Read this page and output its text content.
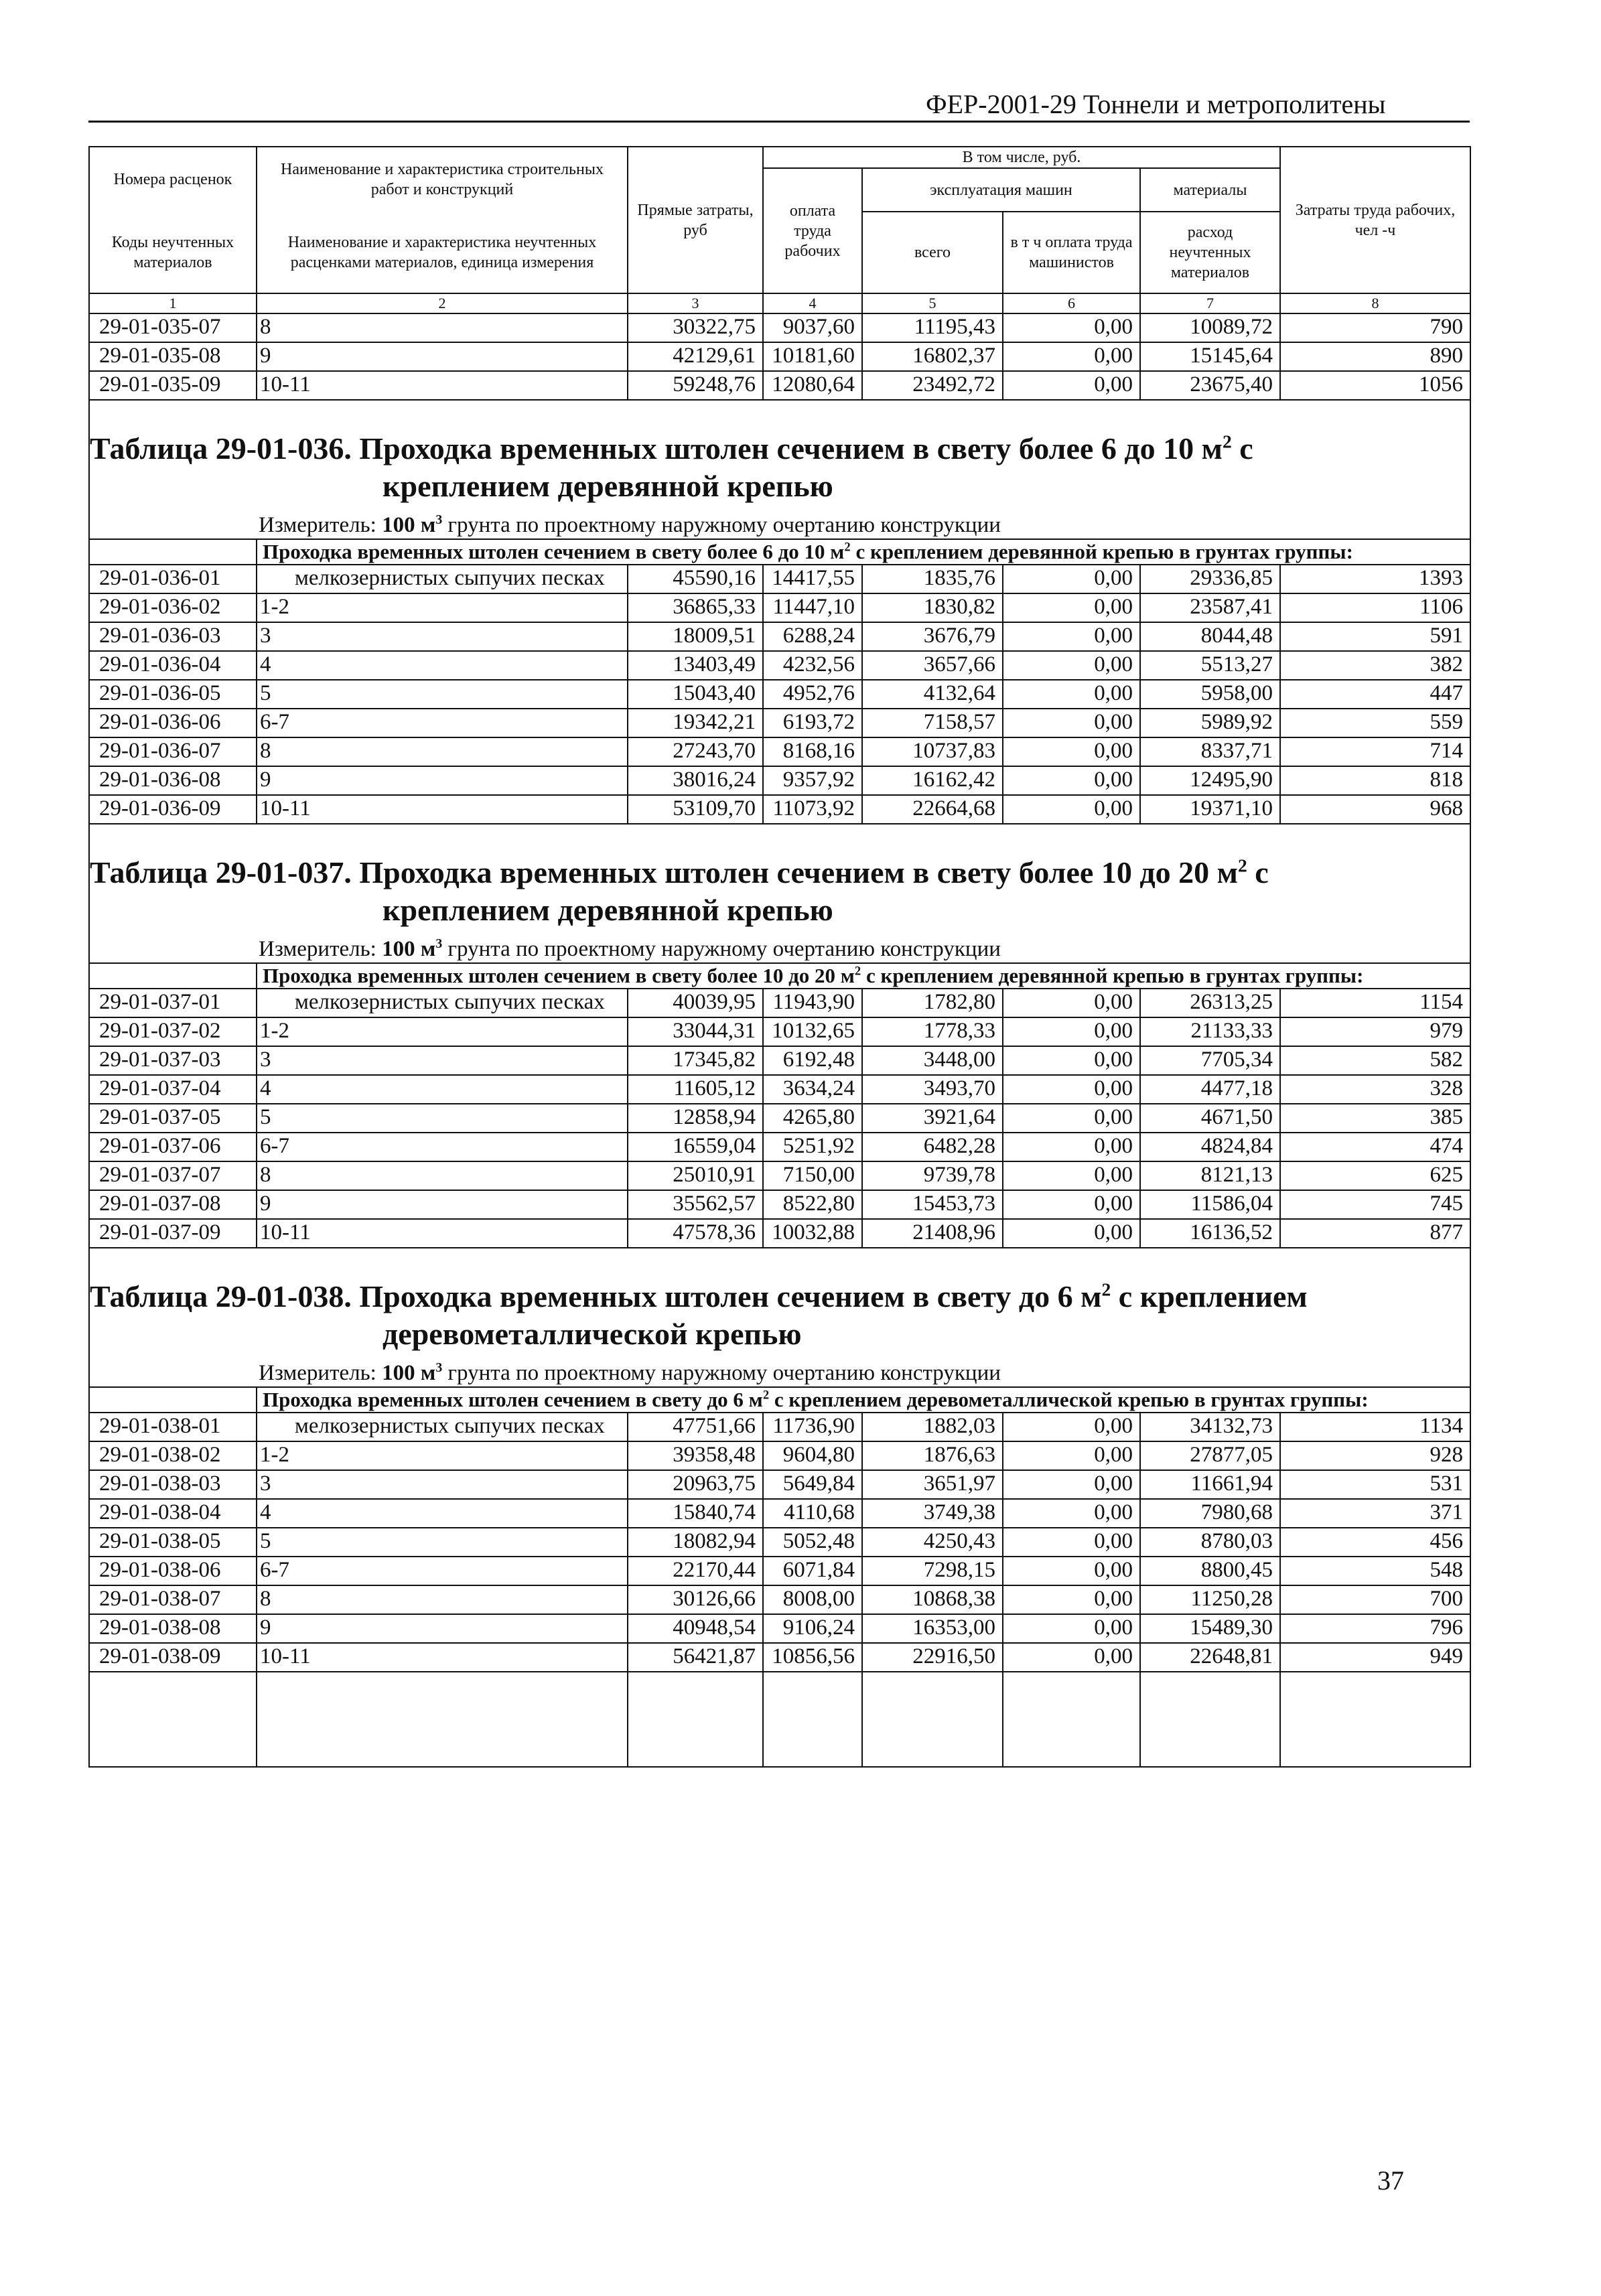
ФЕР-2001-29 Тоннели и метрополитены
Номера расценок	Наименование и характеристика строительных работ и конструкций	Прямые затраты, руб	В том числе, руб.				Затраты труда рабочих, чел -ч
			оплата труда рабочих	эксплуатация машин		материалы	
Коды неучтенных материалов	Наименование и характеристика неучтенных расценками материалов, единица измерения			всего	в т ч оплата труда машинистов	расход неучтенных материалов	

1	2	3	4	5	6	7	8
29-01-035-07	8	30322,75	9037,60	11195,43	0,00	10089,72	790
29-01-035-08	9	42129,61	10181,60	16802,37	0,00	15145,64	890
29-01-035-09	10-11	59248,76	12080,64	23492,72	0,00	23675,40	1056
Таблица 29-01-036. Проходка временных штолен сечением в свету более 6 до 10 $м^2$ с
креплением деревянной крепью							

Измеритель: 100 $м^3$ грунта по проектному наружному очертанию конструкции							
	Проходка временных штолен сечением в свету более 6 до 10 $м^2$ с креплением деревянной крепью в грунтах группы:						
29-01-036-01	мелкозернистых сыпучих песках	45590,16	14417,55	1835,76	0,00	29336,85	1393
29-01-036-02	1-2	36865,33	11447,10	1830,82	0,00	23587,41	1106
29-01-036-03	3	18009,51	6288,24	3676,79	0,00	8044,48	591
29-01-036-04	4	13403,49	4232,56	3657,66	0,00	5513,27	382
29-01-036-05	5	15043,40	4952,76	4132,64	0,00	5958,00	447
29-01-036-06	6-7	19342,21	6193,72	7158,57	0,00	5989,92	559
29-01-036-07	8	27243,70	8168,16	10737,83	0,00	8337,71	714
29-01-036-08	9	38016,24	9357,92	16162,42	0,00	12495,90	818
29-01-036-09	10-11	53109,70	11073,92	22664,68	0,00	19371,10	968
Таблица 29-01-037. Проходка временных штолен сечением в свету более 10 до 20 $м^2$ с
креплением деревянной крепью							

Измеритель: 100 $м^3$ грунта по проектному наружному очертанию конструкции							
	Проходка временных штолен сечением в свету более 10 до 20 $м^2$ с креплением деревянной крепью в грунтах группы:						
29-01-037-01	мелкозернистых сыпучих песках	40039,95	11943,90	1782,80	0,00	26313,25	1154
29-01-037-02	1-2	33044,31	10132,65	1778,33	0,00	21133,33	979
29-01-037-03	3	17345,82	6192,48	3448,00	0,00	7705,34	582
29-01-037-04	4	11605,12	3634,24	3493,70	0,00	4477,18	328
29-01-037-05	5	12858,94	4265,80	3921,64	0,00	4671,50	385
29-01-037-06	6-7	16559,04	5251,92	6482,28	0,00	4824,84	474
29-01-037-07	8	25010,91	7150,00	9739,78	0,00	8121,13	625
29-01-037-08	9	35562,57	8522,80	15453,73	0,00	11586,04	745
29-01-037-09	10-11	47578,36	10032,88	21408,96	0,00	16136,52	877
Таблица 29-01-038. Проходка временных штолен сечением в свету до 6 $м^2$ с креплением
деревометаллической крепью							

Измеритель: 100 $м^3$ грунта по проектному наружному очертанию конструкции							
	Проходка временных штолен сечением в свету до 6 $м^2$ с креплением деревометаллической крепью в грунтах группы:						
29-01-038-01	мелкозернистых сыпучих песках	47751,66	11736,90	1882,03	0,00	34132,73	1134
29-01-038-02	1-2	39358,48	9604,80	1876,63	0,00	27877,05	928
29-01-038-03	3	20963,75	5649,84	3651,97	0,00	11661,94	531
29-01-038-04	4	15840,74	4110,68	3749,38	0,00	7980,68	371
29-01-038-05	5	18082,94	5052,48	4250,43	0,00	8780,03	456
29-01-038-06	6-7	22170,44	6071,84	7298,15	0,00	8800,45	548
29-01-038-07	8	30126,66	8008,00	10868,38	0,00	11250,28	700
29-01-038-08	9	40948,54	9106,24	16353,00	0,00	15489,30	796
29-01-038-09	10-11	56421,87	10856,56	22916,50	0,00	22648,81	949

37
